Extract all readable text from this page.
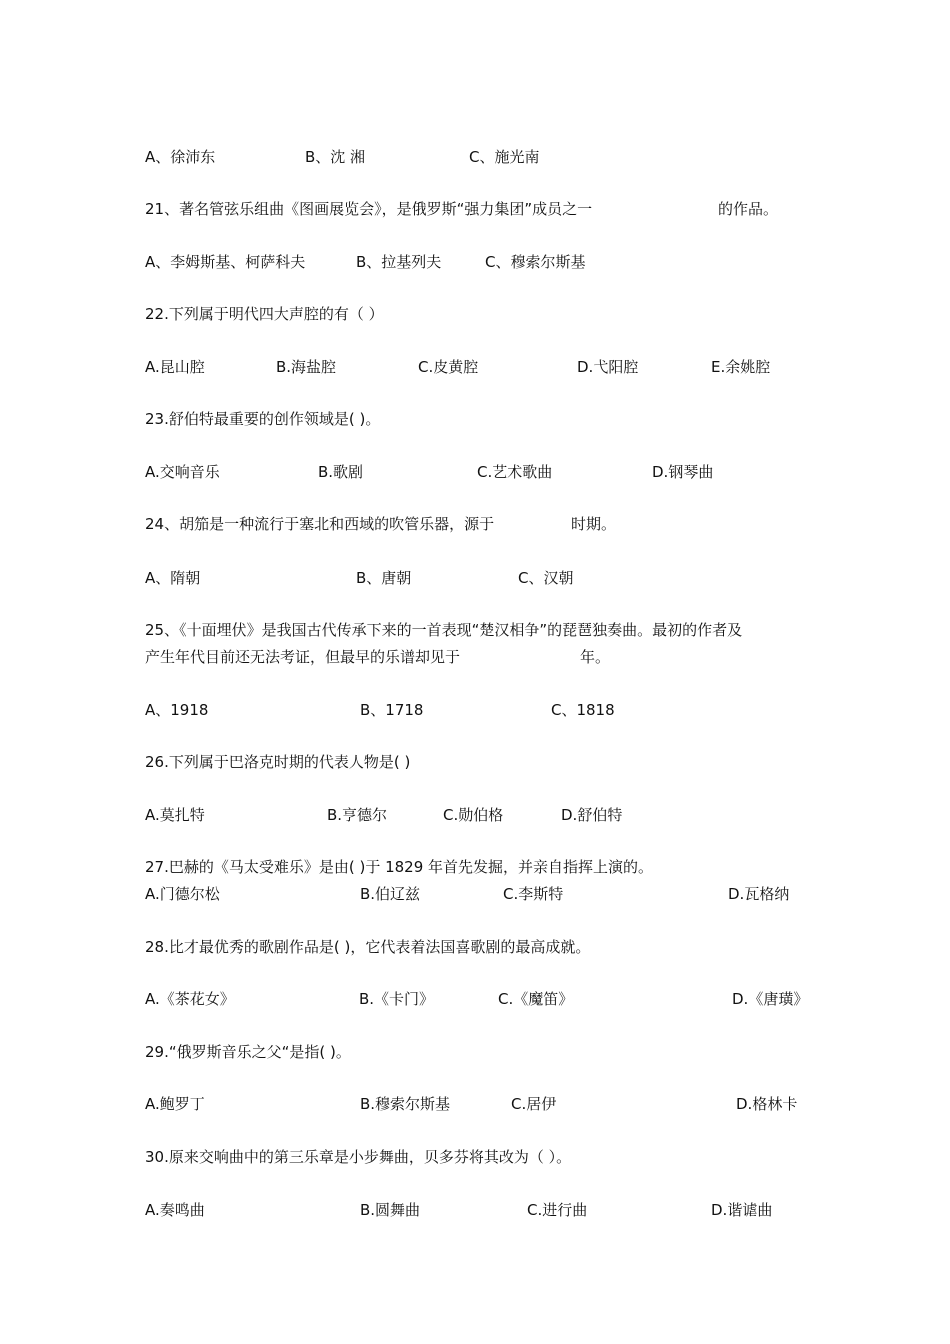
A、徐沛东	B、沈 湘	C、施光南
21、著名管弦乐组曲《图画展览会》，是俄罗斯“强力集团”成员之一	的作品。
A、李姆斯基、柯萨科夫	B、拉基列夫	C、穆索尔斯基
22.下列属于明代四大声腔的有（ ）
A.昆山腔	B.海盐腔	C.皮黄腔	D.弋阳腔	E.余姚腔
23.舒伯特最重要的创作领域是( )。
A.交响音乐	B.歌剧	C.艺术歌曲	D.钢琴曲
24、胡笳是一种流行于塞北和西域的吹管乐器，源于	时期。
A、隋朝	B、唐朝	C、汉朝
25、《十面埋伏》是我国古代传承下来的一首表现“楚汉相争”的琵琶独奏曲。最初的作者及
产生年代目前还无法考证，但最早的乐谱却见于	年。
A、1918	B、1718	C、1818
26.下列属于巴洛克时期的代表人物是( )
A.莫扎特	B.亨德尔	C.勋伯格	D.舒伯特
27.巴赫的《马太受难乐》是由( )于 1829 年首先发掘，并亲自指挥上演的。
A.门德尔松	B.伯辽兹	C.李斯特	D.瓦格纳
28.比才最优秀的歌剧作品是( )，它代表着法国喜歌剧的最高成就。
A.《茶花女》	B.《卡门》	C.《魔笛》	D.《唐璜》
29.“俄罗斯音乐之父“是指( )。
A.鲍罗丁	B.穆索尔斯基	C.居伊	D.格林卡
30.原来交响曲中的第三乐章是小步舞曲，贝多芬将其改为（ ）。
A.奏鸣曲	B.圆舞曲	C.进行曲	D.谐谑曲
